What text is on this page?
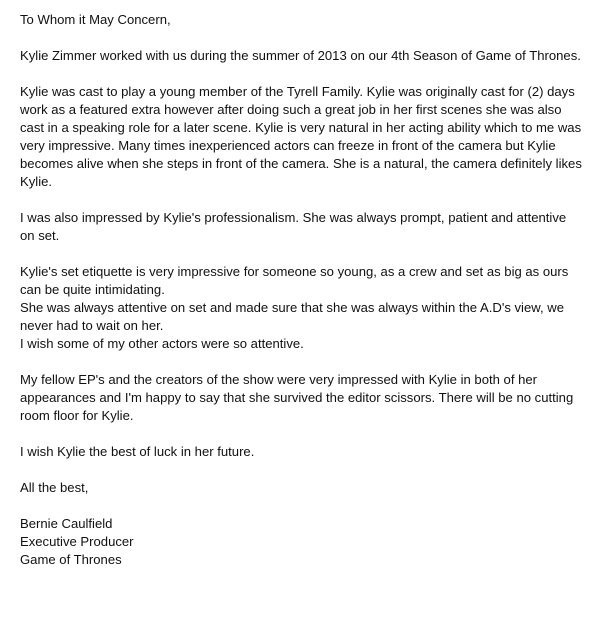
To Whom it May Concern,

Kylie Zimmer worked with us during the summer of 2013 on our 4th Season of Game of Thrones.

Kylie was cast to play a young member of the Tyrell Family. Kylie was originally cast for (2) days work as a featured extra however after doing such a great job in her first scenes she was also cast in a speaking role for a later scene. Kylie is very natural in her acting ability which to me was very impressive. Many times inexperienced actors can freeze in front of the camera but Kylie becomes alive when she steps in front of the camera. She is a natural, the camera definitely likes Kylie.

I was also impressed by Kylie's professionalism. She was always prompt, patient and attentive on set.

Kylie's set etiquette is very impressive for someone so young, as a crew and set as big as ours can be quite intimidating.
She was always attentive on set and made sure that she was always within the A.D's view, we never had to wait on her.
I wish some of my other actors were so attentive.

My fellow EP's and the creators of the show were very impressed with Kylie in both of her appearances and I'm happy to say that she survived the editor scissors. There will be no cutting room floor for Kylie.

I wish Kylie the best of luck in her future.

All the best,

Bernie Caulfield
Executive Producer
Game of Thrones
